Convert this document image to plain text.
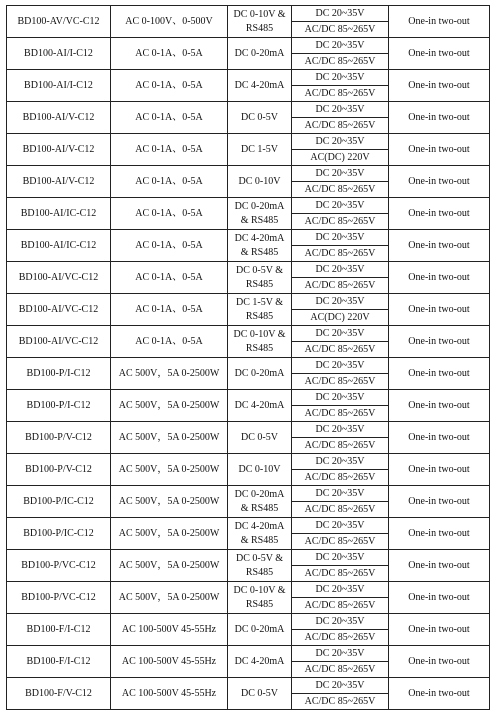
BD100-AV/VC-C12	AC 0-100V、0-500V	DC 0-10V & RS485	DC 20~35V	One-in two-out
			AC/DC 85~265V	
BD100-AI/I-C12	AC 0-1A、0-5A	DC 0-20mA	DC 20~35V	One-in two-out
			AC/DC 85~265V	
BD100-AI/I-C12	AC 0-1A、0-5A	DC 4-20mA	DC 20~35V	One-in two-out
			AC/DC 85~265V	
BD100-AI/V-C12	AC 0-1A、0-5A	DC 0-5V	DC 20~35V	One-in two-out
			AC/DC 85~265V	
BD100-AI/V-C12	AC 0-1A、0-5A	DC 1-5V	DC 20~35V	One-in two-out
			AC(DC) 220V	
BD100-AI/V-C12	AC 0-1A、0-5A	DC 0-10V	DC 20~35V	One-in two-out
			AC/DC 85~265V	
BD100-AI/IC-C12	AC 0-1A、0-5A	DC 0-20mA & RS485	DC 20~35V	One-in two-out
			AC/DC 85~265V	
BD100-AI/IC-C12	AC 0-1A、0-5A	DC 4-20mA & RS485	DC 20~35V	One-in two-out
			AC/DC 85~265V	
BD100-AI/VC-C12	AC 0-1A、0-5A	DC 0-5V & RS485	DC 20~35V	One-in two-out
			AC/DC 85~265V	
BD100-AI/VC-C12	AC 0-1A、0-5A	DC 1-5V & RS485	DC 20~35V	One-in two-out
			AC(DC) 220V	
BD100-AI/VC-C12	AC 0-1A、0-5A	DC 0-10V & RS485	DC 20~35V	One-in two-out
			AC/DC 85~265V	
BD100-P/I-C12	AC 500V，5A 0-2500W	DC 0-20mA	DC 20~35V	One-in two-out
			AC/DC 85~265V	
BD100-P/I-C12	AC 500V，5A 0-2500W	DC 4-20mA	DC 20~35V	One-in two-out
			AC/DC 85~265V	
BD100-P/V-C12	AC 500V，5A 0-2500W	DC 0-5V	DC 20~35V	One-in two-out
			AC/DC 85~265V	
BD100-P/V-C12	AC 500V，5A 0-2500W	DC 0-10V	DC 20~35V	One-in two-out
			AC/DC 85~265V	
BD100-P/IC-C12	AC 500V，5A 0-2500W	DC 0-20mA & RS485	DC 20~35V	One-in two-out
			AC/DC 85~265V	
BD100-P/IC-C12	AC 500V，5A 0-2500W	DC 4-20mA & RS485	DC 20~35V	One-in two-out
			AC/DC 85~265V	
BD100-P/VC-C12	AC 500V，5A 0-2500W	DC 0-5V & RS485	DC 20~35V	One-in two-out
			AC/DC 85~265V	
BD100-P/VC-C12	AC 500V，5A 0-2500W	DC 0-10V & RS485	DC 20~35V	One-in two-out
			AC/DC 85~265V	
BD100-F/I-C12	AC 100-500V 45-55Hz	DC 0-20mA	DC 20~35V	One-in two-out
			AC/DC 85~265V	
BD100-F/I-C12	AC 100-500V 45-55Hz	DC 4-20mA	DC 20~35V	One-in two-out
			AC/DC 85~265V	
BD100-F/V-C12	AC 100-500V 45-55Hz	DC 0-5V	DC 20~35V	One-in two-out
			AC/DC 85~265V	
